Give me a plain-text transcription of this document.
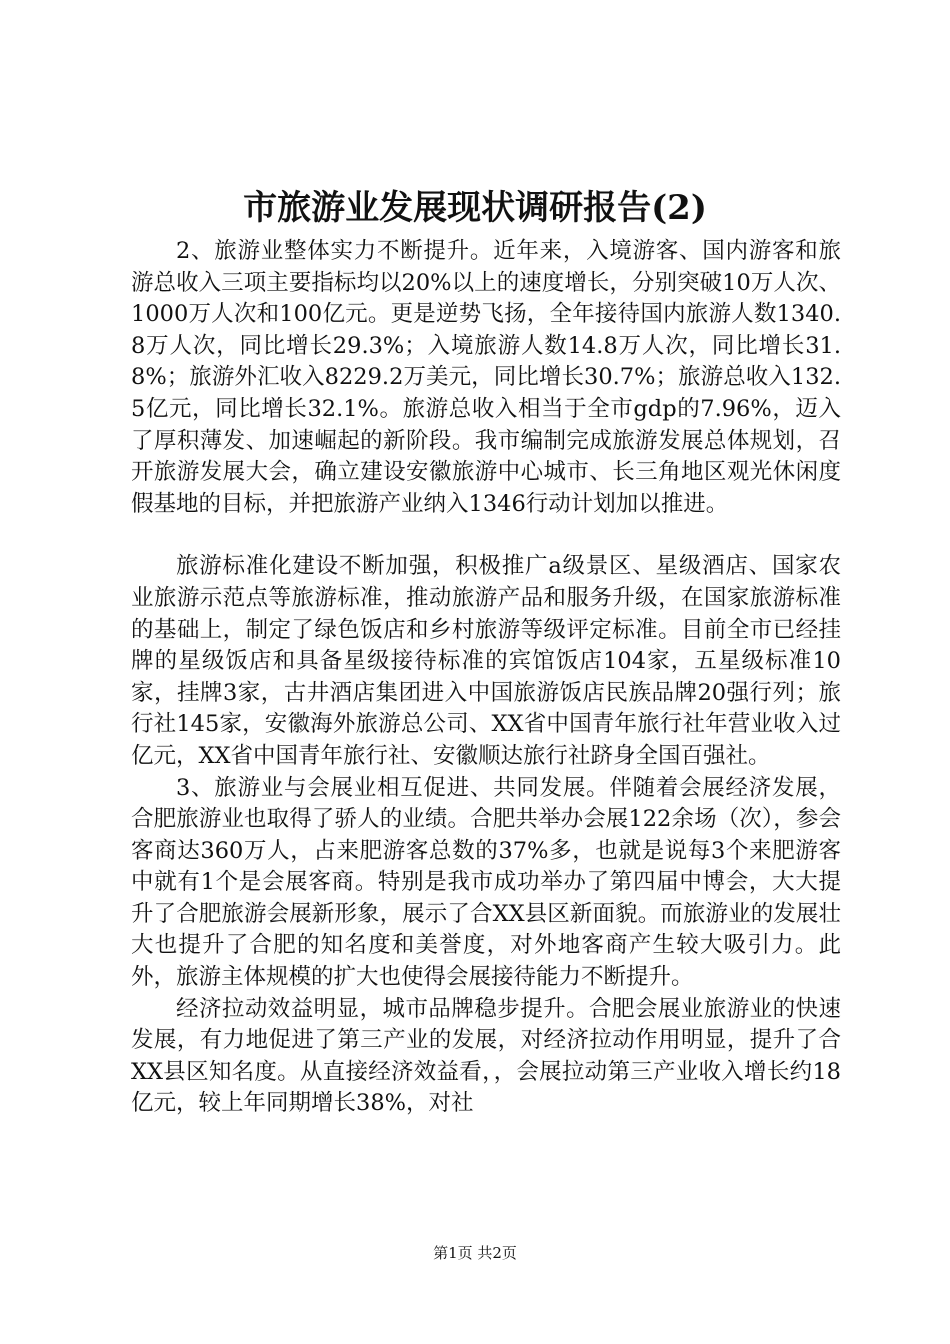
市旅游业发展现状调研报告(2)

2、旅游业整体实力不断提升。近年来，入境游客、国内游客和旅游总收入三项主要指标均以20%以上的速度增长，分别突破10万人次、1000万人次和100亿元。更是逆势飞扬，全年接待国内旅游人数1340.8万人次，同比增长29.3%；入境旅游人数14.8万人次，同比增长31.8%；旅游外汇收入8229.2万美元，同比增长30.7%；旅游总收入132.5亿元，同比增长32.1%。旅游总收入相当于全市gdp的7.96%，迈入了厚积薄发、加速崛起的新阶段。我市编制完成旅游发展总体规划，召开旅游发展大会，确立建设安徽旅游中心城市、长三角地区观光休闲度假基地的目标，并把旅游产业纳入1346行动计划加以推进。

旅游标准化建设不断加强，积极推广a级景区、星级酒店、国家农业旅游示范点等旅游标准，推动旅游产品和服务升级，在国家旅游标准的基础上，制定了绿色饭店和乡村旅游等级评定标准。目前全市已经挂牌的星级饭店和具备星级接待标准的宾馆饭店104家，五星级标准10家，挂牌3家，古井酒店集团进入中国旅游饭店民族品牌20强行列；旅行社145家，安徽海外旅游总公司、XX省中国青年旅行社年营业收入过亿元，XX省中国青年旅行社、安徽顺达旅行社跻身全国百强社。

3、旅游业与会展业相互促进、共同发展。伴随着会展经济发展，合肥旅游业也取得了骄人的业绩。合肥共举办会展122余场（次），参会客商达360万人，占来肥游客总数的37%多，也就是说每3个来肥游客中就有1个是会展客商。特别是我市成功举办了第四届中博会，大大提升了合肥旅游会展新形象，展示了合XX县区新面貌。而旅游业的发展壮大也提升了合肥的知名度和美誉度，对外地客商产生较大吸引力。此外，旅游主体规模的扩大也使得会展接待能力不断提升。

经济拉动效益明显，城市品牌稳步提升。合肥会展业旅游业的快速发展，有力地促进了第三产业的发展，对经济拉动作用明显，提升了合XX县区知名度。从直接经济效益看，，会展拉动第三产业收入增长约18亿元，较上年同期增长38%，对社

第1页 共2页
